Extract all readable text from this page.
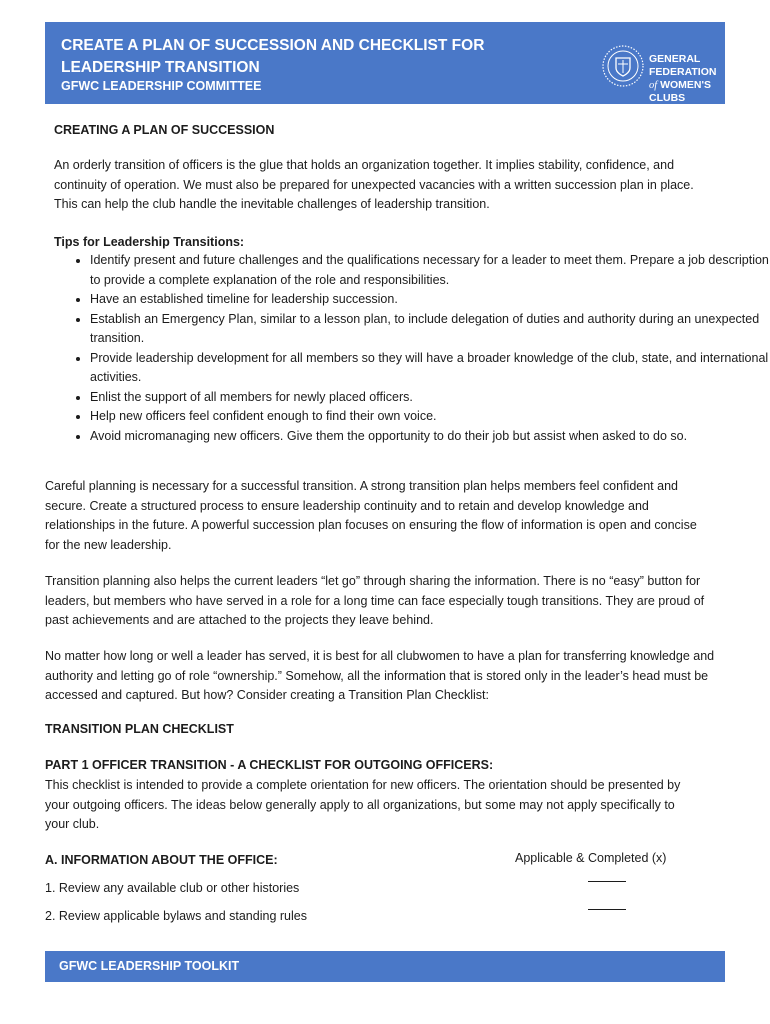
CREATE A PLAN OF SUCCESSION AND CHECKLIST FOR LEADERSHIP TRANSITION
GFWC LEADERSHIP COMMITTEE
GENERAL FEDERATION
of WOMEN'S CLUBS
CREATING A PLAN OF SUCCESSION

An orderly transition of officers is the glue that holds an organization together. It implies stability, confidence, and continuity of operation. We must also be prepared for unexpected vacancies with a written succession plan in place. This can help the club handle the inevitable challenges of leadership transition.

Tips for Leadership Transitions:
• Identify present and future challenges and the qualifications necessary for a leader to meet them. Prepare a job description to provide a complete explanation of the role and responsibilities.
• Have an established timeline for leadership succession.
• Establish an Emergency Plan, similar to a lesson plan, to include delegation of duties and authority during an unexpected transition.
• Provide leadership development for all members so they will have a broader knowledge of the club, state, and international activities.
• Enlist the support of all members for newly placed officers.
• Help new officers feel confident enough to find their own voice.
• Avoid micromanaging new officers. Give them the opportunity to do their job but assist when asked to do so.

Careful planning is necessary for a successful transition. A strong transition plan helps members feel confident and secure. Create a structured process to ensure leadership continuity and to retain and develop knowledge and relationships in the future. A powerful succession plan focuses on ensuring the flow of information is open and concise for the new leadership.

Transition planning also helps the current leaders “let go” through sharing the information. There is no “easy” button for leaders, but members who have served in a role for a long time can face especially tough transitions. They are proud of past achievements and are attached to the projects they leave behind.

No matter how long or well a leader has served, it is best for all clubwomen to have a plan for transferring knowledge and authority and letting go of role “ownership.” Somehow, all the information that is stored only in the leader’s head must be accessed and captured. But how? Consider creating a Transition Plan Checklist:

TRANSITION PLAN CHECKLIST
PART 1 OFFICER TRANSITION - A CHECKLIST FOR OUTGOING OFFICERS:

This checklist is intended to provide a complete orientation for new officers. The orientation should be presented by your outgoing officers. The ideas below generally apply to all organizations, but some may not apply specifically to your club.

A. INFORMATION ABOUT THE OFFICE:	Applicable & Completed (x)
1. Review any available club or other histories
2. Review applicable bylaws and standing rules
GFWC LEADERSHIP TOOLKIT
